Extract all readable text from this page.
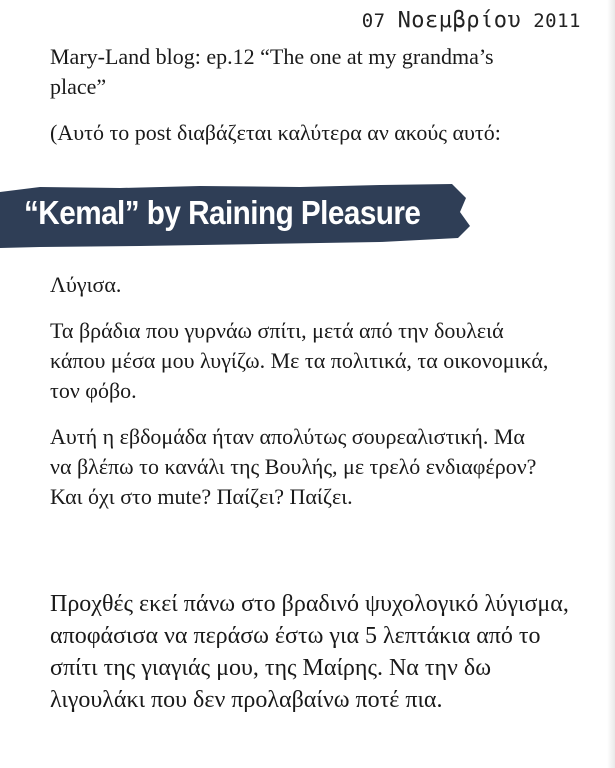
07 Νοεμβρίου 2011
Mary-Land blog: ep.12 “The one at my grandma’s place”
(Αυτό το post διαβάζεται καλύτερα αν ακούς αυτό:
“Kemal” by Raining Pleasure

Λύγισα.

Τα βράδια που γυρνάω σπίτι, μετά από την δουλειά κάπου μέσα μου λυγίζω. Με τα πολιτικά, τα οικονομικά, τον φόβο.

Αυτή η εβδομάδα ήταν απολύτως σουρεαλιστική. Μα να βλέπω το κανάλι της Βουλής, με τρελό ενδιαφέρον? Και όχι στο mute? Παίζει? Παίζει.

Προχθές εκεί πάνω στο βραδινό ψυχολογικό λύγισμα, αποφάσισα να περάσω έστω για 5 λεπτάκια από το σπίτι της γιαγιάς μου, της Μαίρης. Να την δω λιγουλάκι που δεν προλαβαίνω ποτέ πια.
